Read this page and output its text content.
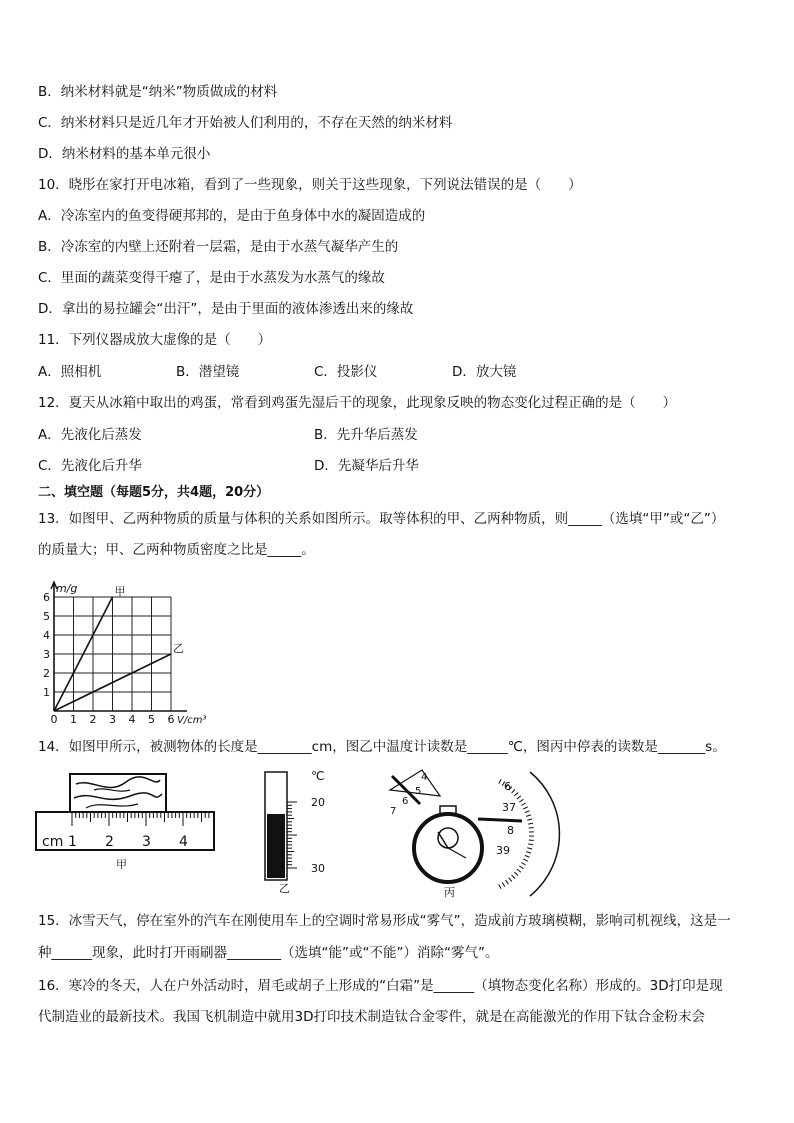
B．纳米材料就是“纳米”物质做成的材料
C．纳米材料只是近几年才开始被人们利用的，不存在天然的纳米材料
D．纳米材料的基本单元很小
10．晓彤在家打开电冰箱，看到了一些现象，则关于这些现象，下列说法错误的是（　　）
A．冷冻室内的鱼变得硬邦邦的，是由于鱼身体中水的凝固造成的
B．冷冻室的内壁上还附着一层霜，是由于水蒸气凝华产生的
C．里面的蔬菜变得干瘪了，是由于水蒸发为水蒸气的缘故
D．拿出的易拉罐会“出汗”，是由于里面的液体渗透出来的缘故
11．下列仪器成放大虚像的是（　　）
A．照相机	B．潜望镜	C．投影仪	D．放大镜
12．夏天从冰箱中取出的鸡蛋，常看到鸡蛋先湿后干的现象，此现象反映的物态变化过程正确的是（　　）
A．先液化后蒸发	B．先升华后蒸发
C．先液化后升华	D．先凝华后升华
二、填空题（每题5分，共4题，20分）
13．如图甲、乙两种物质的质量与体积的关系如图所示。取等体积的甲、乙两种物质，则_____（选填“甲”或“乙”）
的质量大；甲、乙两种物质密度之比是_____。
甲
乙
0 1 2 3 4 5 6
1
2
3
4
5
6
m/g
V/cm³
14．如图甲所示，被测物体的长度是________cm，图乙中温度计读数是______℃，图丙中停表的读数是_______s。
cm 1 2 3 4
甲
℃
20
30
乙
4
5
6
7
6
37
8
39
丙
15．冰雪天气，停在室外的汽车在刚使用车上的空调时常易形成“雾气”，造成前方玻璃模糊，影响司机视线，这是一
种______现象，此时打开雨刷器________（选填“能”或“不能”）消除“雾气”。
16．寒冷的冬天，人在户外活动时，眉毛或胡子上形成的“白霜”是______（填物态变化名称）形成的。3D打印是现
代制造业的最新技术。我国飞机制造中就用3D打印技术制造钛合金零件，就是在高能激光的作用下钛合金粉末会
